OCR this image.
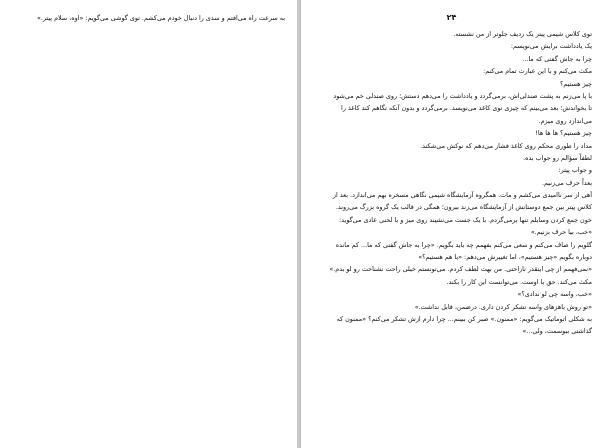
به سرعت راه می‌افتم و سدی را دنبال خودم می‌کشم. توی گوشی می‌گویم: «اوه، سلام پیتر.»	۲۴
توی کلاس شیمی پیتر یک ردیف جلوتر از من نشسته.
یک یادداشت برایش می‌نویسم:
چرا به جاش گفتی که ما...
مکث می‌کنم و با این عبارت تمام می‌کنم:
چیز هستیم؟
با پا می‌زنم به پشت صندلی‌اش، برمی‌گردد و یادداشت را می‌دهم دستش؛ روی صندلی خم می‌شود
تا بخواندش؛ بعد می‌بینم که چیزی توی کاغذ می‌نویسد. برمی‌گردد و بدون آنکه نگاهم کند کاغذ را
می‌اندازد روی میزم.
چیز هستیم؟ ها ها ها!
مداد را طوری محکم روی کاغذ فشار می‌دهم که نوکش می‌شکند.
لطفاً سؤالم رو جواب بده.
و جواب پیتر:
بعداً حرف می‌زنیم.
آهی از سر ناامیدی می‌کشم و مات. همگروه آزمایشگاه شیمی نگاهی مسخره بهم می‌اندازد. بعد از
کلاس پیتر بین جمع دوستانش از آزمایشگاه می‌زند بیرون؛ همگی در قالب یک گروه بزرگ می‌روند.
خون جمع کردن وسایلم تنها برمی‌گردم. با یک جست می‌نشیند روی میز و با لحنی عادی می‌گوید:
«خب، بیا حرف بزنیم.»
گلویم را صاف می‌کنم و سعی می‌کنم بفهمم چه باید بگویم. «چرا به جاش گفتی که ما... کم مانده
دوباره بگویم «چیز هستیم»، اما تغییرش می‌دهم: «با هم هستیم؟»
«نمی‌فهمم از چی اینقدر ناراحتی. من بهت لطف کردم. می‌تونستم خیلی راحت نشناخت رو لو بدم.»
مکث می‌کند. حق با اوست. می‌توانست این کار را بکند.
«خب، واسه چی لو ندادی؟»
«تو روش باهزهای واسه تشکر کردن داری. درضمن، قابل نداشت.»
به شکلی اتوماتیک می‌گویم: «ممنون.» صبر کن ببینم... چرا دارم ازش تشکر می‌کنم؟ «ممنون که
گذاشتی ببوسمت، ولی...»
